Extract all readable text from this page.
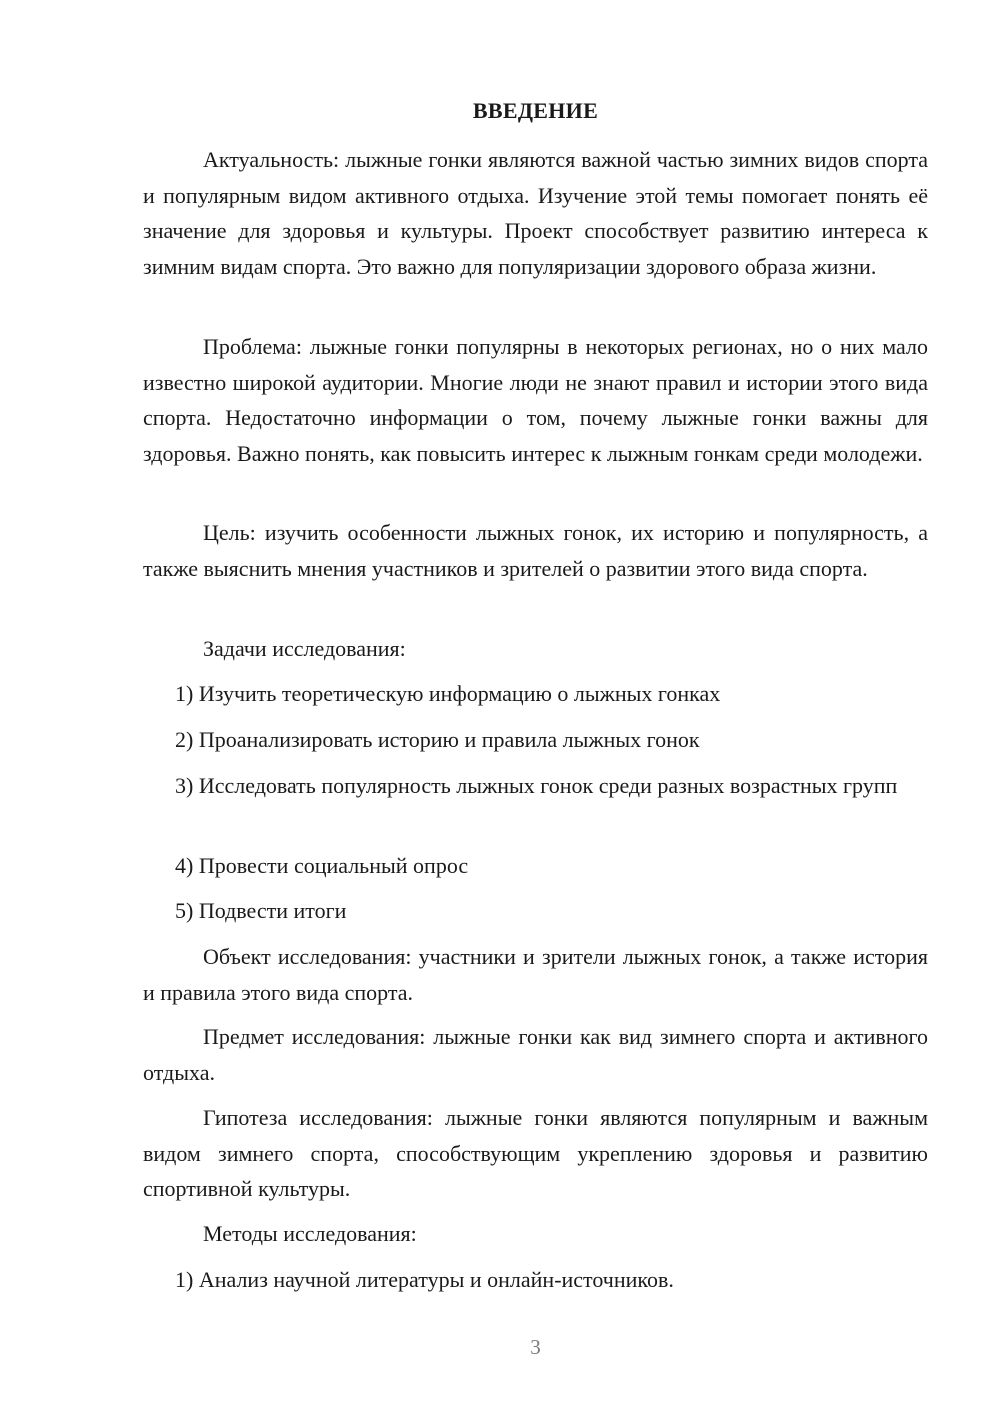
ВВЕДЕНИЕ

Актуальность: лыжные гонки являются важной частью зимних видов спорта и популярным видом активного отдыха. Изучение этой темы помогает понять её значение для здоровья и культуры. Проект способствует развитию интереса к зимним видам спорта. Это важно для популяризации здорового образа жизни.

Проблема: лыжные гонки популярны в некоторых регионах, но о них мало известно широкой аудитории. Многие люди не знают правил и истории этого вида спорта. Недостаточно информации о том, почему лыжные гонки важны для здоровья. Важно понять, как повысить интерес к лыжным гонкам среди молодежи.

Цель: изучить особенности лыжных гонок, их историю и популярность, а также выяснить мнения участников и зрителей о развитии этого вида спорта.

Задачи исследования:

1) Изучить теоретическую информацию о лыжных гонках

2) Проанализировать историю и правила лыжных гонок

3) Исследовать популярность лыжных гонок среди разных возрастных групп

4) Провести социальный опрос

5) Подвести итоги

Объект исследования: участники и зрители лыжных гонок, а также история и правила этого вида спорта.

Предмет исследования: лыжные гонки как вид зимнего спорта и активного отдыха.

Гипотеза исследования: лыжные гонки являются популярным и важным видом зимнего спорта, способствующим укреплению здоровья и развитию спортивной культуры.

Методы исследования:

1) Анализ научной литературы и онлайн-источников.

3
